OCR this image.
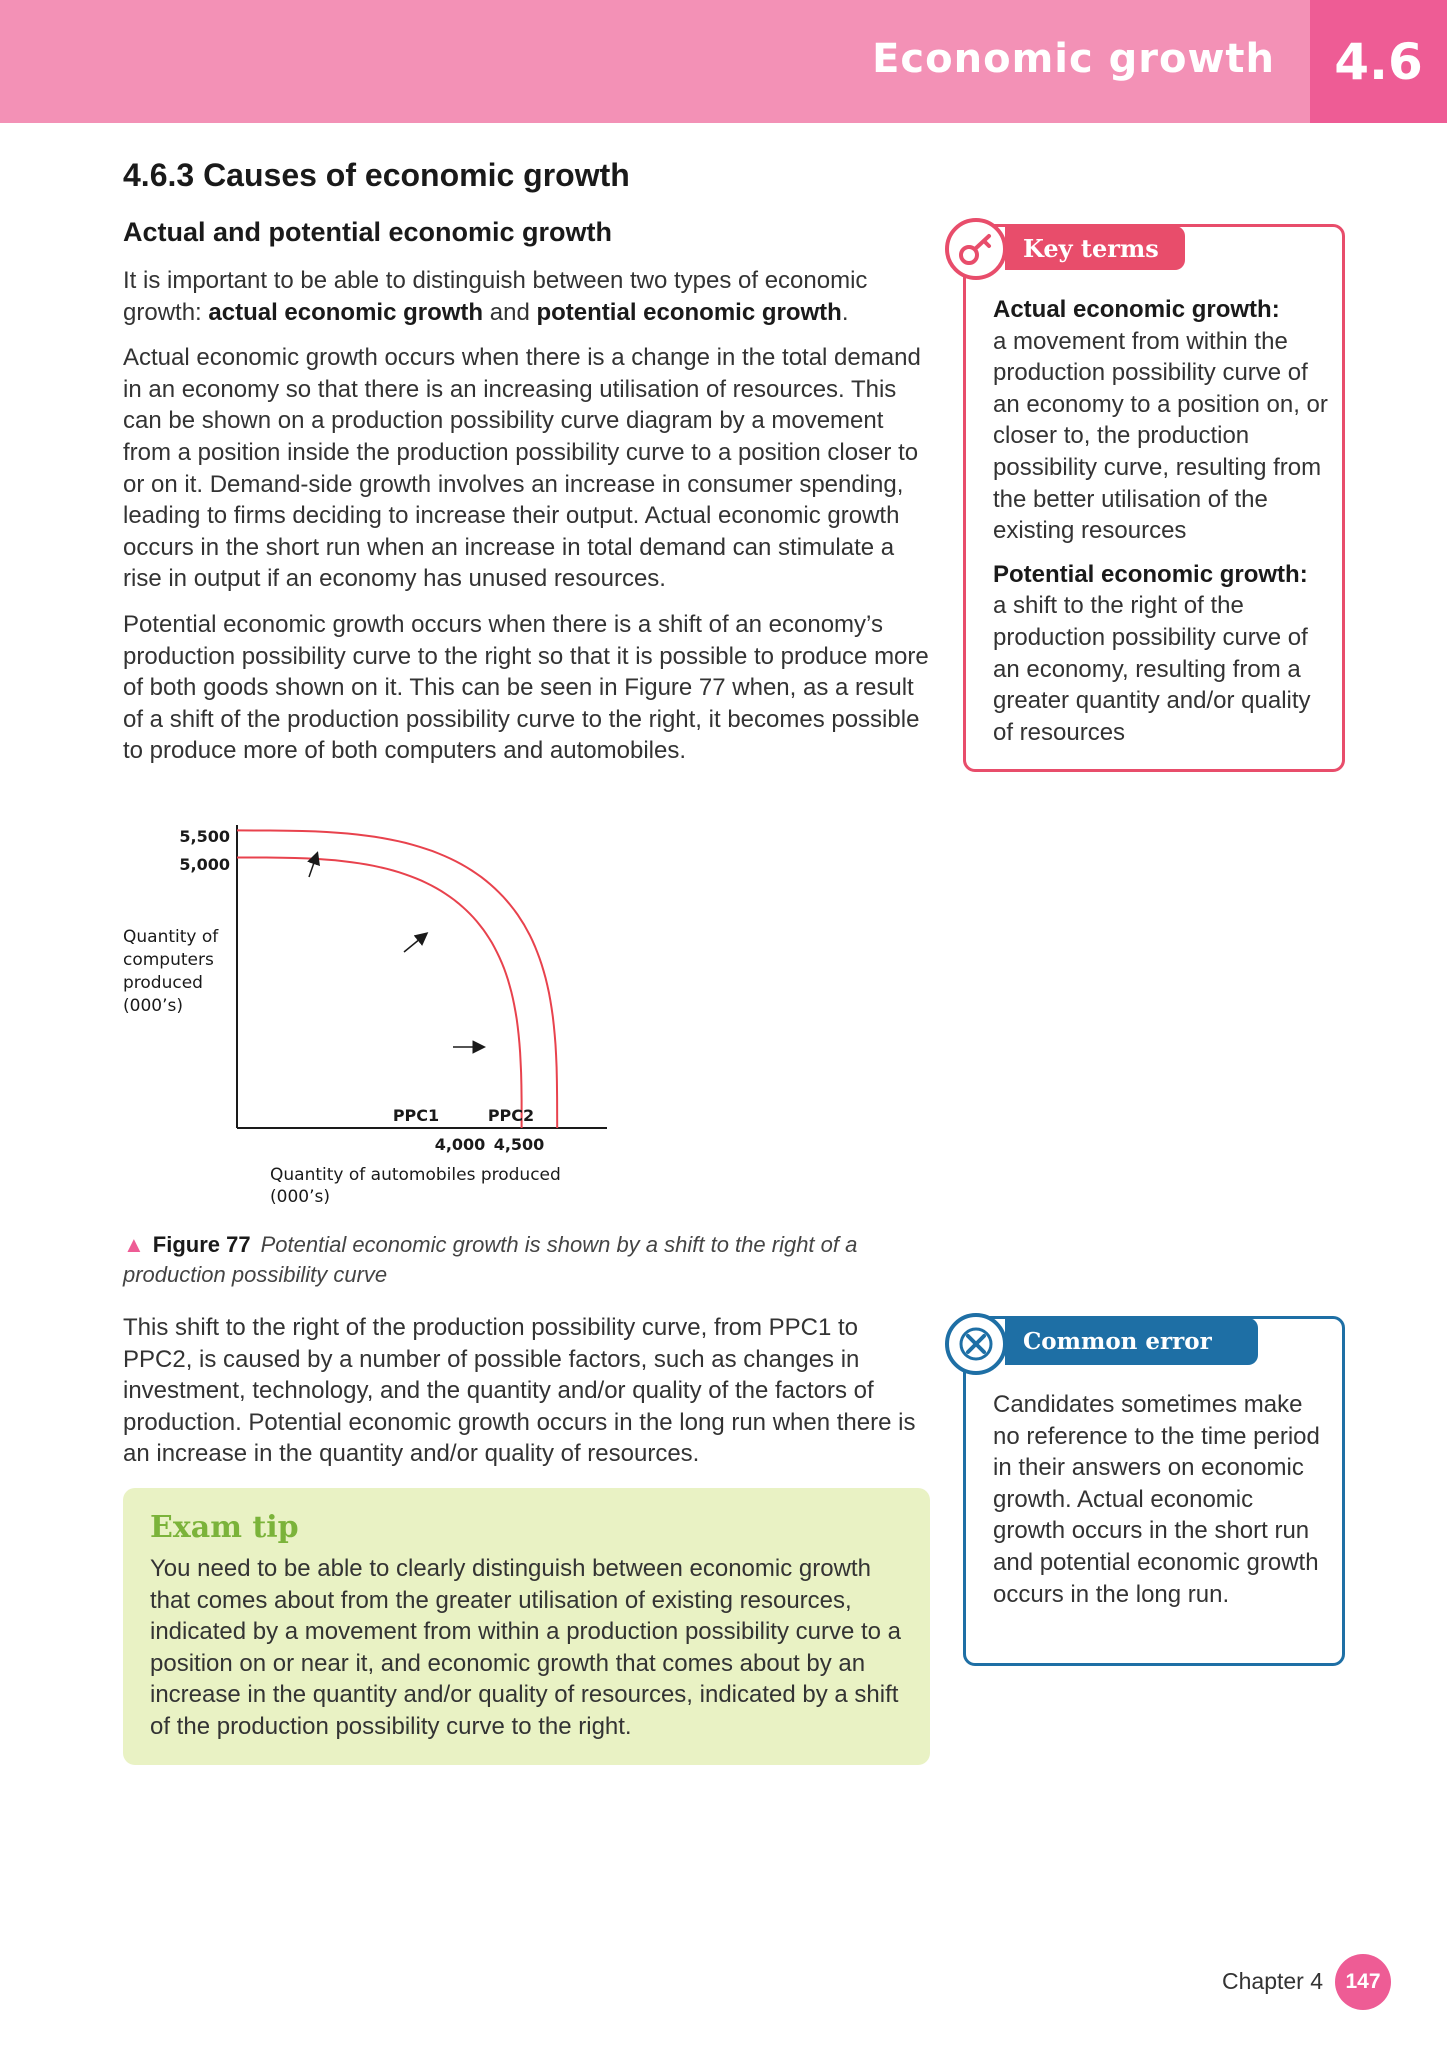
Economic growth	4.6
4.6.3 Causes of economic growth
Actual and potential economic growth

It is important to be able to distinguish between two types of economic growth: actual economic growth and potential economic growth.

Actual economic growth occurs when there is a change in the total demand in an economy so that there is an increasing utilisation of resources. This can be shown on a production possibility curve diagram by a movement from a position inside the production possibility curve to a position closer to or on it. Demand-side growth involves an increase in consumer spending, leading to firms deciding to increase their output. Actual economic growth occurs in the short run when an increase in total demand can stimulate a rise in output if an economy has unused resources.

Potential economic growth occurs when there is a shift of an economy’s production possibility curve to the right so that it is possible to produce more of both goods shown on it. This can be seen in Figure 77 when, as a result of a shift of the production possibility curve to the right, it becomes possible to produce more of both computers and automobiles.

Key terms
Actual economic growth:
a movement from within the production possibility curve of an economy to a position on, or closer to, the production possibility curve, resulting from the better utilisation of the existing resources
Potential economic growth:
a shift to the right of the production possibility curve of an economy, resulting from a greater quantity and/or quality of resources
5,500
5,000
PPC1	PPC2
4,000 4,500
Quantity of computers produced (000’s)
Quantity of automobiles produced (000’s)
▲ Figure 77 Potential economic growth is shown by a shift to the right of a production possibility curve

This shift to the right of the production possibility curve, from PPC1 to PPC2, is caused by a number of possible factors, such as changes in investment, technology, and the quantity and/or quality of the factors of production. Potential economic growth occurs in the long run when there is an increase in the quantity and/or quality of resources.

Exam tip
You need to be able to clearly distinguish between economic growth that comes about from the greater utilisation of existing resources, indicated by a movement from within a production possibility curve to a position on or near it, and economic growth that comes about by an increase in the quantity and/or quality of resources, indicated by a shift of the production possibility curve to the right.
Common error
Candidates sometimes make no reference to the time period in their answers on economic growth. Actual economic growth occurs in the short run and potential economic growth occurs in the long run.
Chapter 4	147
